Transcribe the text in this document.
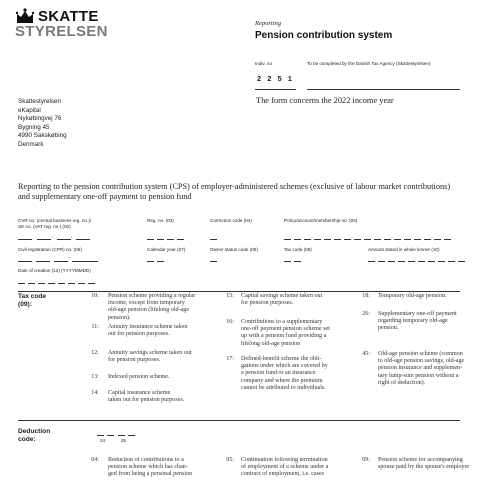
SKATTE
STYRELSEN	Reporting
Pension contribution system
Indiv. no	To be completed by the Danish Tax Agency (Skattestyrelsen)
2 2 5 1
Skattestyrelsen
eKapital
Nykøbingvej 76
Bygning 45
4990 Sakskøbing
Denmark
The form concerns the 2022 income year
Reporting to the pension contribution system (CPS) of employer-administered schemes (exclusive of labour market contributions) and supplementary one-off payment to pension fund
CVR no. (central business reg. no.)/
SE no. (VAT reg. no.) (02)
Reg. no. (03)	Correction code (04)	Policy/account/membership no. (05)
.	.
Civil registration (CPR) no. (06)	Calendar year (07)	Owner status code (08)	Tax code (09)	Amount stated in whole kroner (10)
-
Date of creation (12) (YYYYMMDD)
Tax code
(09):
10: Pension scheme providing a regular
income, except from temporary
old-age pension (lifelong old-age
pension).
11: Annuity insurance scheme taken
out for pension purposes.
12: Annuity savings scheme taken out
for pension purposes.
13: Indexed pension scheme.
14: Capital insurance scheme
taken out for pension purposes.
15: Capital savings scheme taken out
for pension purposes.
16: Contributions to a supplementary
one-off payment pension scheme set
up with a pension fund providing a
lifelong old-age pension
17: Defined-benefit scheme the obli-
gations under which are covered by
a pension fund or an insurance
company and where the premium
cannot be attributed to individuals.
18: Temporary old-age pension.
26: Supplementary one-off payment
regarding temporary old-age
pension.
45: Old-age pension scheme (common
to old-age pension savings, old-age
pension insurance and supplemen-
tary lump-sum pension without a
right of deduction).
Deduction
code:	24	25
04: Reduction of contributions to a
pension scheme which has chan-
ged from being a personal pension
05: Continuation following termination
of employment of a scheme under a
contract of employment, i.e. cases
09: Pension scheme for accompanying
spouse paid by the spouse's employer
